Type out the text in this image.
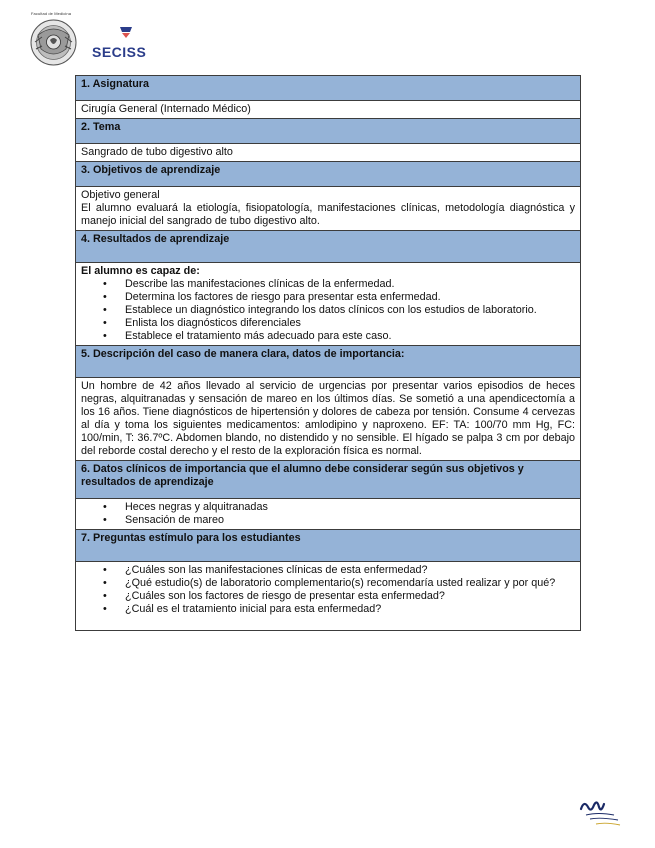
Facultad de Medicina
SECISS
1. Asignatura
Cirugía General (Internado Médico)
2. Tema
Sangrado de tubo digestivo alto
3. Objetivos de aprendizaje

Objetivo general
El alumno evaluará la etiología, fisiopatología, manifestaciones clínicas, metodología diagnóstica y manejo inicial del sangrado de tubo digestivo alto.

4. Resultados de aprendizaje

El alumno es capaz de:
• Describe las manifestaciones clínicas de la enfermedad.
• Determina los factores de riesgo para presentar esta enfermedad.
• Establece un diagnóstico integrando los datos clínicos con los estudios de laboratorio.
• Enlista los diagnósticos diferenciales
• Establece el tratamiento más adecuado para este caso.

5. Descripción del caso de manera clara, datos de importancia:
Un hombre de 42 años llevado al servicio de urgencias por presentar varios episodios de heces negras, alquitranadas y sensación de mareo en los últimos días. Se sometió a una apendicectomía a los 16 años. Tiene diagnósticos de hipertensión y dolores de cabeza por tensión. Consume 4 cervezas al día y toma los siguientes medicamentos: amlodipino y naproxeno. EF: TA: 100/70 mm Hg, FC: 100/min, T: 36.7ºC. Abdomen blando, no distendido y no sensible. El hígado se palpa 3 cm por debajo del reborde costal derecho y el resto de la exploración física es normal.
6. Datos clínicos de importancia que el alumno debe considerar según sus objetivos y resultados de aprendizaje

• Heces negras y alquitranadas
• Sensación de mareo

7. Preguntas estímulo para los estudiantes

• ¿Cuáles son las manifestaciones clínicas de esta enfermedad?
• ¿Qué estudio(s) de laboratorio complementario(s) recomendaría usted realizar y por qué?
• ¿Cuáles son los factores de riesgo de presentar esta enfermedad?
• ¿Cuál es el tratamiento inicial para esta enfermedad?
